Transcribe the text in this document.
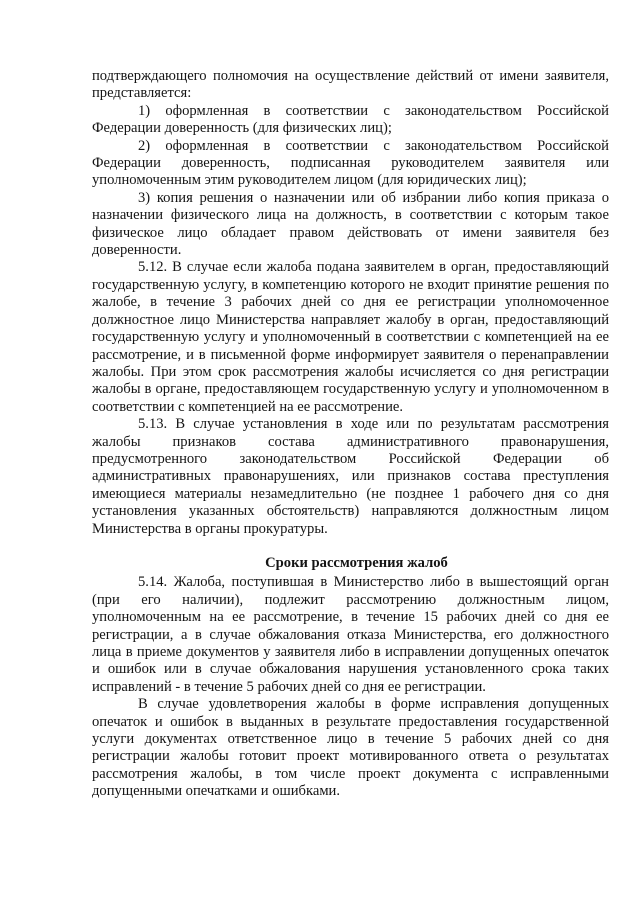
подтверждающего полномочия на осуществление действий от имени заявителя, представляется:

1) оформленная в соответствии с законодательством Российской Федерации доверенность (для физических лиц);

2) оформленная в соответствии с законодательством Российской Федерации доверенность, подписанная руководителем заявителя или уполномоченным этим руководителем лицом (для юридических лиц);

3) копия решения о назначении или об избрании либо копия приказа о назначении физического лица на должность, в соответствии с которым такое физическое лицо обладает правом действовать от имени заявителя без доверенности.

5.12. В случае если жалоба подана заявителем в орган, предоставляющий государственную услугу, в компетенцию которого не входит принятие решения по жалобе, в течение 3 рабочих дней со дня ее регистрации уполномоченное должностное лицо Министерства направляет жалобу в орган, предоставляющий государственную услугу и уполномоченный в соответствии с компетенцией на ее рассмотрение, и в письменной форме информирует заявителя о перенаправлении жалобы. При этом срок рассмотрения жалобы исчисляется со дня регистрации жалобы в органе, предоставляющем государственную услугу и уполномоченном в соответствии с компетенцией на ее рассмотрение.

5.13. В случае установления в ходе или по результатам рассмотрения жалобы признаков состава административного правонарушения, предусмотренного законодательством Российской Федерации об административных правонарушениях, или признаков состава преступления имеющиеся материалы незамедлительно (не позднее 1 рабочего дня со дня установления указанных обстоятельств) направляются должностным лицом Министерства в органы прокуратуры.

Сроки рассмотрения жалоб

5.14. Жалоба, поступившая в Министерство либо в вышестоящий орган (при его наличии), подлежит рассмотрению должностным лицом, уполномоченным на ее рассмотрение, в течение 15 рабочих дней со дня ее регистрации, а в случае обжалования отказа Министерства, его должностного лица в приеме документов у заявителя либо в исправлении допущенных опечаток и ошибок или в случае обжалования нарушения установленного срока таких исправлений - в течение 5 рабочих дней со дня ее регистрации.

В случае удовлетворения жалобы в форме исправления допущенных опечаток и ошибок в выданных в результате предоставления государственной услуги документах ответственное лицо в течение 5 рабочих дней со дня регистрации жалобы готовит проект мотивированного ответа о результатах рассмотрения жалобы, в том числе проект документа с исправленными допущенными опечатками и ошибками.
